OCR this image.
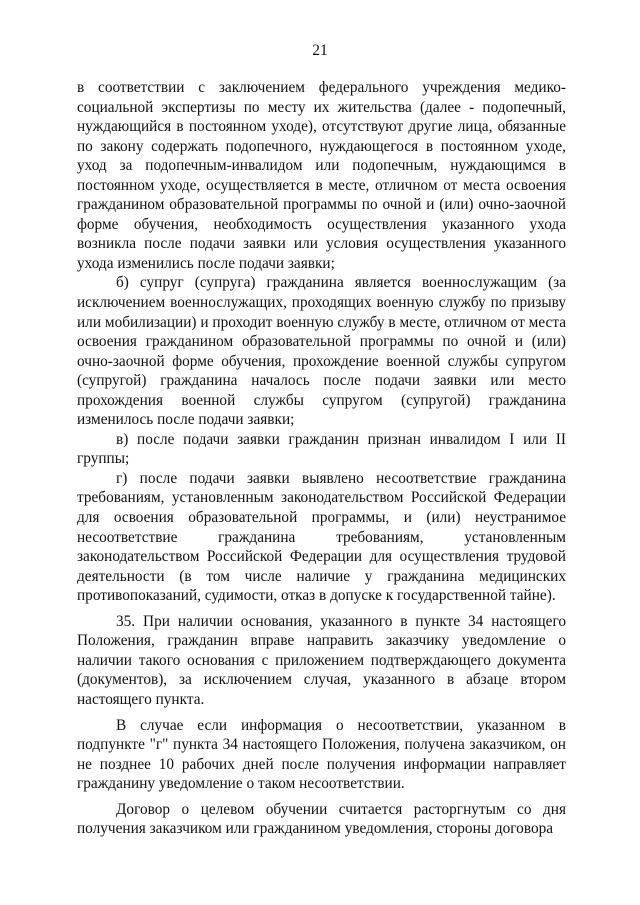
21

в соответствии с заключением федерального учреждения медико-социальной экспертизы по месту их жительства (далее - подопечный, нуждающийся в постоянном уходе), отсутствуют другие лица, обязанные по закону содержать подопечного, нуждающегося в постоянном уходе, уход за подопечным-инвалидом или подопечным, нуждающимся в постоянном уходе, осуществляется в месте, отличном от места освоения гражданином образовательной программы по очной и (или) очно-заочной форме обучения, необходимость осуществления указанного ухода возникла после подачи заявки или условия осуществления указанного ухода изменились после подачи заявки;

б) супруг (супруга) гражданина является военнослужащим (за исключением военнослужащих, проходящих военную службу по призыву или мобилизации) и проходит военную службу в месте, отличном от места освоения гражданином образовательной программы по очной и (или) очно-заочной форме обучения, прохождение военной службы супругом (супругой) гражданина началось после подачи заявки или место прохождения военной службы супругом (супругой) гражданина изменилось после подачи заявки;

в) после подачи заявки гражданин признан инвалидом I или II группы;

г) после подачи заявки выявлено несоответствие гражданина требованиям, установленным законодательством Российской Федерации для освоения образовательной программы, и (или) неустранимое несоответствие гражданина требованиям, установленным законодательством Российской Федерации для осуществления трудовой деятельности (в том числе наличие у гражданина медицинских противопоказаний, судимости, отказ в допуске к государственной тайне).

35. При наличии основания, указанного в пункте 34 настоящего Положения, гражданин вправе направить заказчику уведомление о наличии такого основания с приложением подтверждающего документа (документов), за исключением случая, указанного в абзаце втором настоящего пункта.

В случае если информация о несоответствии, указанном в подпункте "г" пункта 34 настоящего Положения, получена заказчиком, он не позднее 10 рабочих дней после получения информации направляет гражданину уведомление о таком несоответствии.

Договор о целевом обучении считается расторгнутым со дня получения заказчиком или гражданином уведомления, стороны договора
